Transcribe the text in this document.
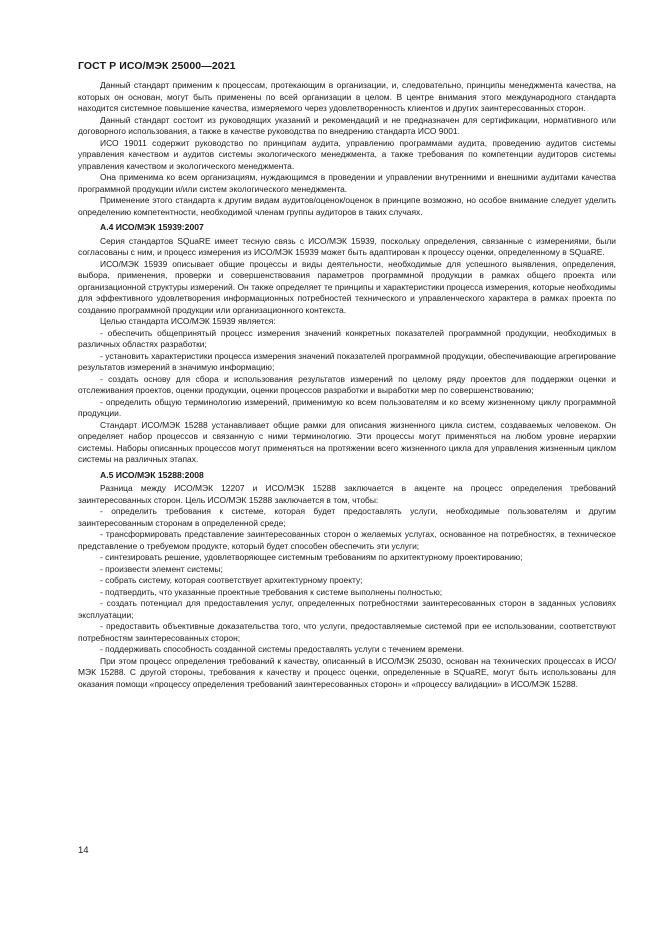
ГОСТ Р ИСО/МЭК 25000—2021

Данный стандарт применим к процессам, протекающим в организации, и, следовательно, принципы менеджмента качества, на которых он основан, могут быть применены по всей организации в целом. В центре внимания этого международного стандарта находится системное повышение качества, измеряемого через удовлетворенность клиентов и других заинтересованных сторон.

Данный стандарт состоит из руководящих указаний и рекомендаций и не предназначен для сертификации, нормативного или договорного использования, а также в качестве руководства по внедрению стандарта ИСО 9001.

ИСО 19011 содержит руководство по принципам аудита, управлению программами аудита, проведению аудитов системы управления качеством и аудитов системы экологического менеджмента, а также требования по компетенции аудиторов системы управления качеством и экологического менеджмента.

Она применима ко всем организациям, нуждающимся в проведении и управлении внутренними и внешними аудитами качества программной продукции и/или систем экологического менеджмента.

Применение этого стандарта к другим видам аудитов/оценок/оценок в принципе возможно, но особое внимание следует уделить определению компетентности, необходимой членам группы аудиторов в таких случаях.

А.4 ИСО/МЭК 15939:2007

Серия стандартов SQuaRE имеет тесную связь с ИСО/МЭК 15939, поскольку определения, связанные с измерениями, были согласованы с ним, и процесс измерения из ИСО/МЭК 15939 может быть адаптирован к процессу оценки, определенному в SQuaRE.

ИСО/МЭК 15939 описывает общие процессы и виды деятельности, необходимые для успешного выявления, определения, выбора, применения, проверки и совершенствования параметров программной продукции в рамках общего проекта или организационной структуры измерений. Он также определяет те принципы и характеристики процесса измерения, которые необходимы для эффективного удовлетворения информационных потребностей технического и управленческого характера в рамках проекта по созданию программной продукции или организационного контекста.

Целью стандарта ИСО/МЭК 15939 является:

- обеспечить общепринятый процесс измерения значений конкретных показателей программной продукции, необходимых в различных областях разработки;

- установить характеристики процесса измерения значений показателей программной продукции, обеспечивающие агрегирование результатов измерений в значимую информацию;

- создать основу для сбора и использования результатов измерений по целому ряду проектов для поддержки оценки и отслеживания проектов, оценки продукции, оценки процессов разработки и выработки мер по совершенствованию;

- определить общую терминологию измерений, применимую ко всем пользователям и ко всему жизненному циклу программной продукции.

Стандарт ИСО/МЭК 15288 устанавливает общие рамки для описания жизненного цикла систем, создаваемых человеком. Он определяет набор процессов и связанную с ними терминологию. Эти процессы могут применяться на любом уровне иерархии системы. Наборы описанных процессов могут применяться на протяжении всего жизненного цикла для управления жизненным циклом системы на различных этапах.

А.5 ИСО/МЭК 15288:2008

Разница между ИСО/МЭК 12207 и ИСО/МЭК 15288 заключается в акценте на процесс определения требований заинтересованных сторон. Цель ИСО/МЭК 15288 заключается в том, чтобы:

- определить требования к системе, которая будет предоставлять услуги, необходимые пользователям и другим заинтересованным сторонам в определенной среде;

- трансформировать представление заинтересованных сторон о желаемых услугах, основанное на потребностях, в техническое представление о требуемом продукте, который будет способен обеспечить эти услуги;

- синтезировать решение, удовлетворяющее системным требованиям по архитектурному проектированию;

- произвести элемент системы;

- собрать систему, которая соответствует архитектурному проекту;

- подтвердить, что указанные проектные требования к системе выполнены полностью;

- создать потенциал для предоставления услуг, определенных потребностями заинтересованных сторон в заданных условиях эксплуатации;

- предоставить объективные доказательства того, что услуги, предоставляемые системой при ее использовании, соответствуют потребностям заинтересованных сторон;

- поддерживать способность созданной системы предоставлять услуги с течением времени.

При этом процесс определения требований к качеству, описанный в ИСО/МЭК 25030, основан на технических процессах в ИСО/МЭК 15288. С другой стороны, требования к качеству и процесс оценки, определенные в SQuaRE, могут быть использованы для оказания помощи «процессу определения требований заинтересованных сторон» и «процессу валидации» в ИСО/МЭК 15288.

14
